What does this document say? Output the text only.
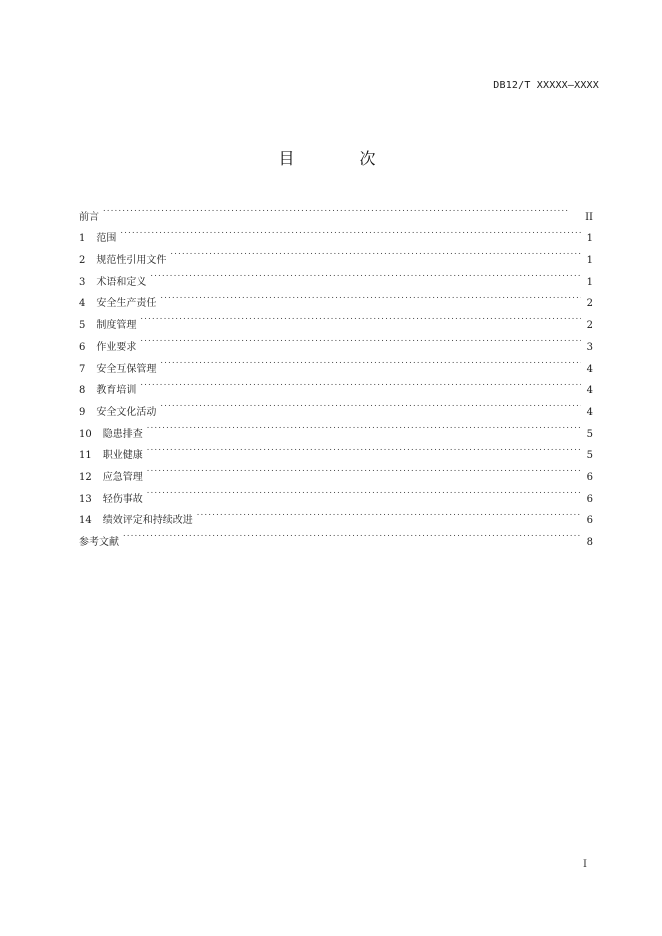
DB12/T XXXXX—XXXX
目 次
前言 . . .	II
1 范围 . . .	1
2 规范性引用文件 . . .	1
3 术语和定义 . . .	1
4 安全生产责任 . . .	2
5 制度管理 . . .	2
6 作业要求 . . .	3
7 安全互保管理 . . .	4
8 教育培训 . . .	4
9 安全文化活动 . . .	4
10 隐患排查 . . .	5
11 职业健康 . . .	5
12 应急管理 . . .	6
13 轻伤事故 . . .	6
14 绩效评定和持续改进 . . .	6
参考文献 . . .	8
I
